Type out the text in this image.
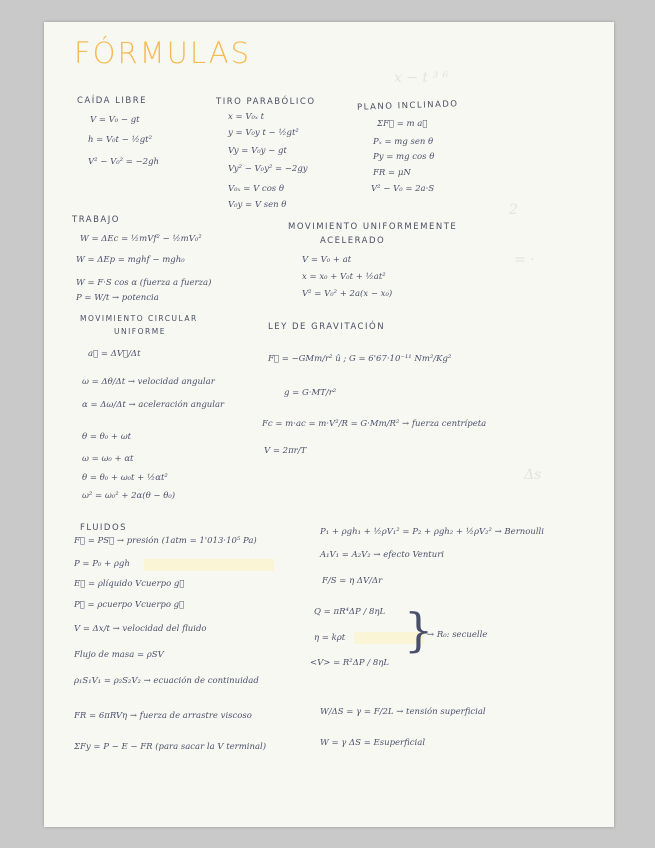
x − t ³ ⁶
2
= ·
Δs
FÓRMULAS
CAÍDA LIBRE
V = V₀ − gt
h = V₀t − ½gt²
V² − V₀² = −2gh
TIRO PARABÓLICO
x = V₀ₓ t
y = V₀y t − ½gt²
Vy = V₀y − gt
Vy² − V₀y² = −2gy
V₀ₓ = V cos θ
V₀y = V sen θ
PLANO INCLINADO
ΣF⃗ = m a⃗
Pₓ = mg sen θ
Py = mg cos θ
FR = μN
V² − V₀ = 2a·S
TRABAJO
W = ΔEc = ½mVf² − ½mV₀²
W = ΔEp = mghf − mgh₀
W = F·S cos α (fuerza a fuerza)
P = W/t → potencia
MOVIMIENTO UNIFORMEMENTE
ACELERADO
V = V₀ + at
x = x₀ + V₀t + ½at²
V² = V₀² + 2a(x − x₀)
MOVIMIENTO CIRCULAR
UNIFORME
a⃗ = ΔV⃗/Δt
ω = Δθ/Δt → velocidad angular
α = Δω/Δt → aceleración angular
θ = θ₀ + ωt
ω = ω₀ + αt
θ = θ₀ + ω₀t + ½αt²
ω² = ω₀² + 2α(θ − θ₀)
LEY DE GRAVITACIÓN
F⃗ = −GMm/r² û ; G = 6'67·10⁻¹¹ Nm²/Kg²
g = G·MT/r²
Fc = m·ac = m·V²/R = G·Mm/R² → fuerza centrípeta
V = 2πr/T
FLUIDOS
F⃗ = PS⃗ → presión (1atm = 1'013·10⁵ Pa)
P = P₀ + ρgh
E⃗ = ρlíquido Vcuerpo g⃗
P⃗ = ρcuerpo Vcuerpo g⃗
V = Δx/t → velocidad del fluido
Flujo de masa = ρSV
ρ₁S₁V₁ = ρ₂S₂V₂ → ecuación de continuidad
FR = 6πRVη → fuerza de arrastre viscoso
ΣFy = P − E − FR (para sacar la V terminal)
P₁ + ρgh₁ + ½ρV₁² = P₂ + ρgh₂ + ½ρV₂² → Bernoulli
A₁V₁ = A₂V₂ → efecto Venturi
F/S = η ΔV/Δr
Q = πR⁴ΔP / 8ηL
η = kρt
<V> = R²ΔP / 8ηL
}
→ R₀: secuelle
W/ΔS = γ = F/2L → tensión superficial
W = γ ΔS = Esuperficial
